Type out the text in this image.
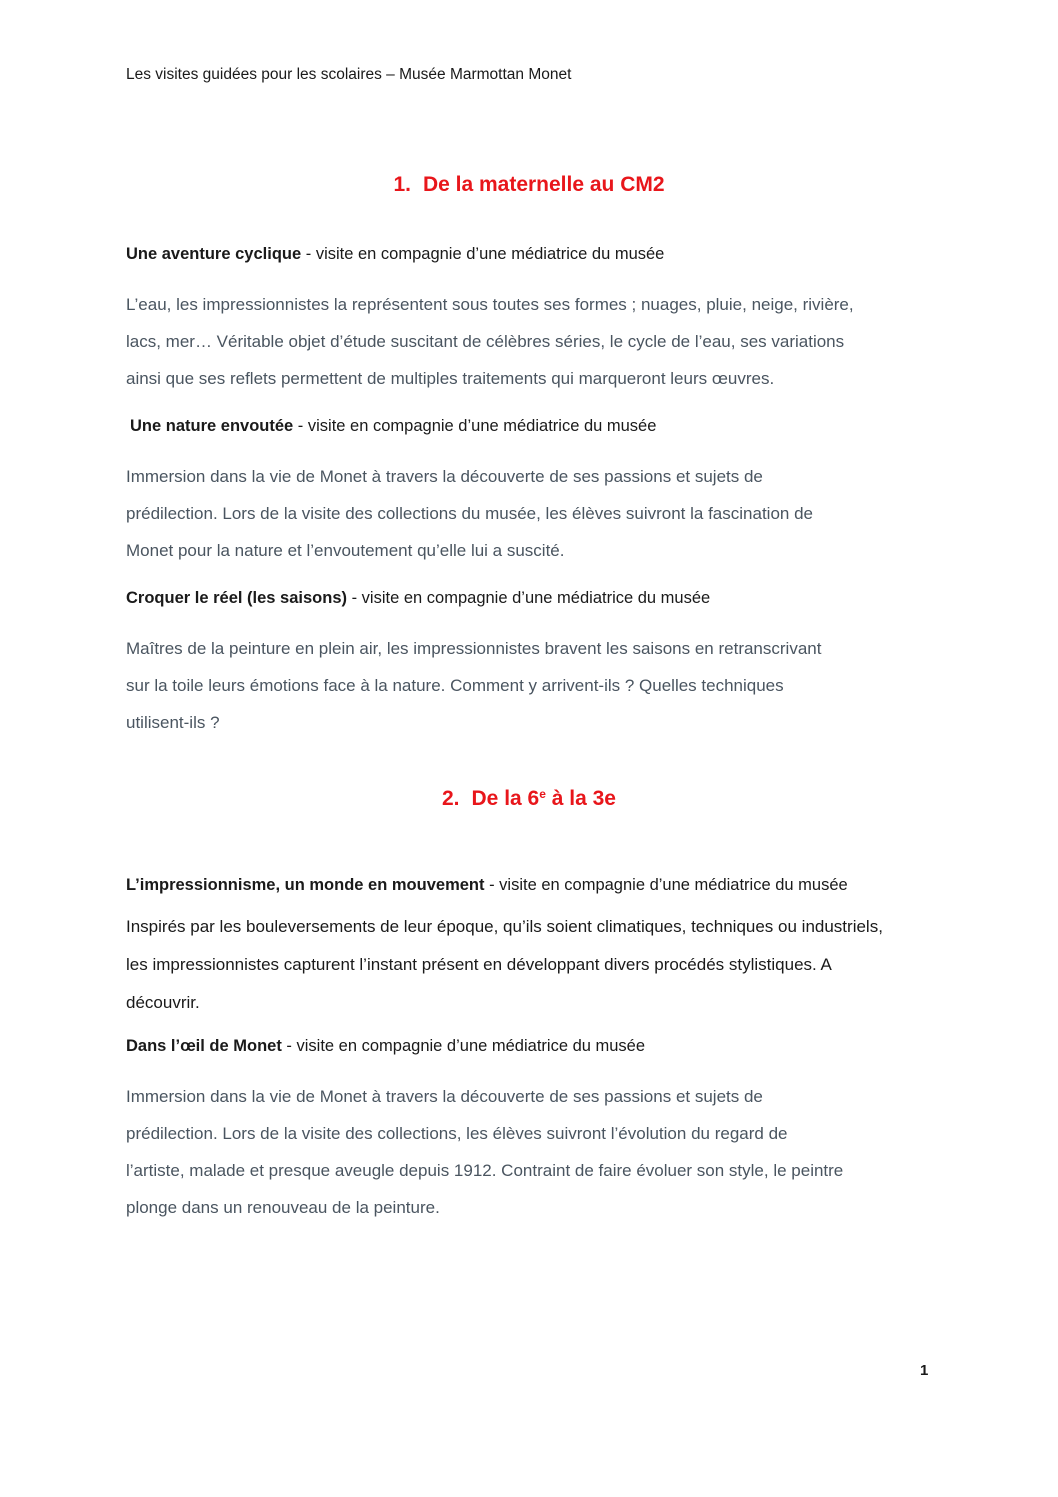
Les visites guidées pour les scolaires – Musée Marmottan Monet
1. De la maternelle au CM2
Une aventure cyclique - visite en compagnie d’une médiatrice du musée
L’eau, les impressionnistes la représentent sous toutes ses formes ; nuages, pluie, neige, rivière,
lacs, mer… Véritable objet d’étude suscitant de célèbres séries, le cycle de l’eau, ses variations
ainsi que ses reflets permettent de multiples traitements qui marqueront leurs œuvres.
Une nature envoutée - visite en compagnie d’une médiatrice du musée
Immersion dans la vie de Monet à travers la découverte de ses passions et sujets de
prédilection. Lors de la visite des collections du musée, les élèves suivront la fascination de
Monet pour la nature et l’envoutement qu’elle lui a suscité.
Croquer le réel (les saisons) - visite en compagnie d’une médiatrice du musée
Maîtres de la peinture en plein air, les impressionnistes bravent les saisons en retranscrivant
sur la toile leurs émotions face à la nature. Comment y arrivent-ils ? Quelles techniques
utilisent-ils ?
2. De la 6e à la 3e
L’impressionnisme, un monde en mouvement - visite en compagnie d’une médiatrice du musée
Inspirés par les bouleversements de leur époque, qu’ils soient climatiques, techniques ou industriels,
les impressionnistes capturent l’instant présent en développant divers procédés stylistiques. A
découvrir.
Dans l’œil de Monet - visite en compagnie d’une médiatrice du musée
Immersion dans la vie de Monet à travers la découverte de ses passions et sujets de
prédilection. Lors de la visite des collections, les élèves suivront l’évolution du regard de
l’artiste, malade et presque aveugle depuis 1912. Contraint de faire évoluer son style, le peintre
plonge dans un renouveau de la peinture.
1
